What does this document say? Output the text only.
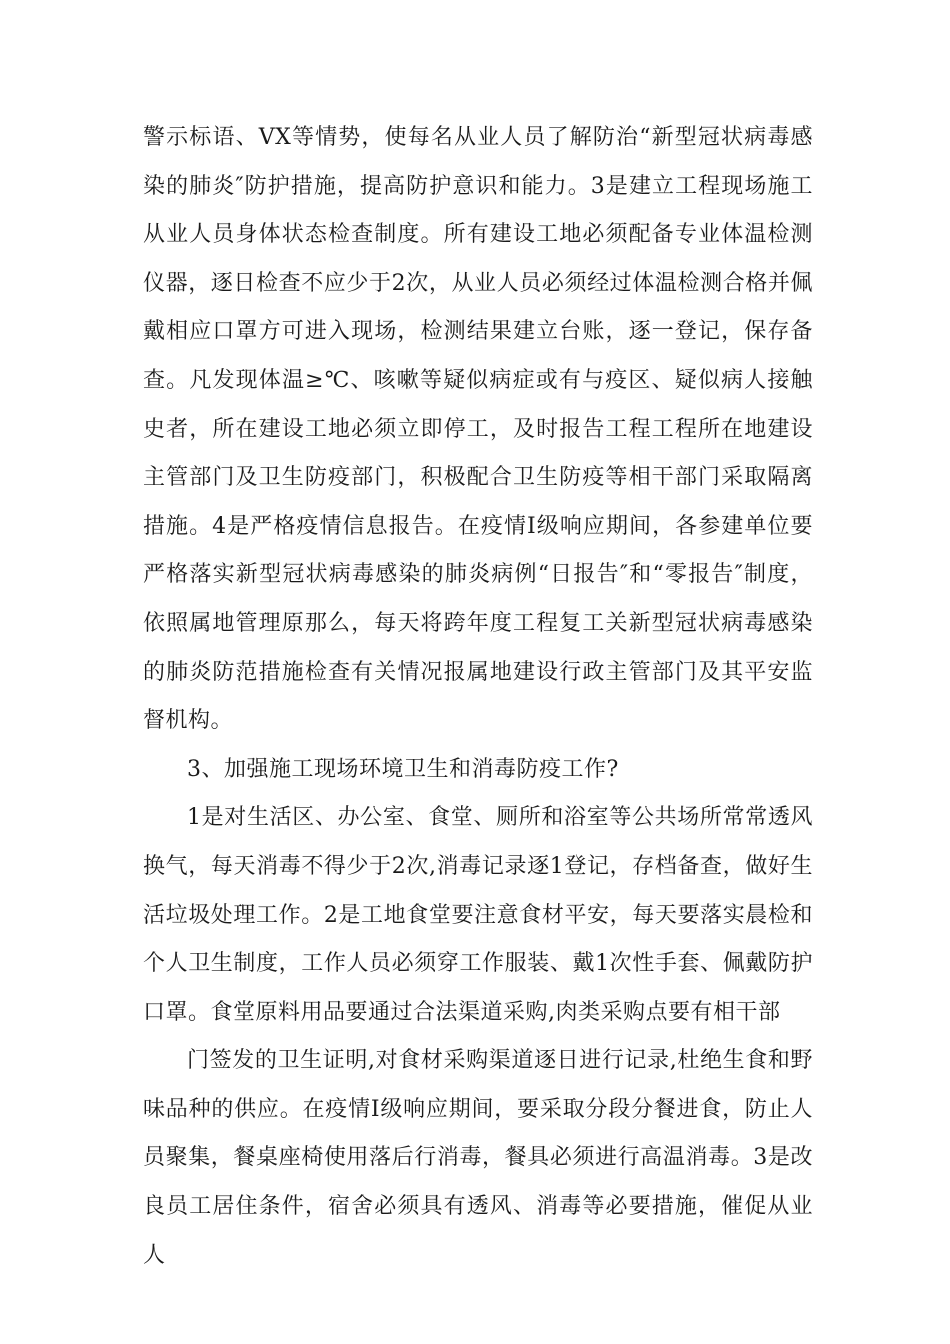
警示标语、VX等情势，使每名从业人员了解防治“新型冠状病毒感染的肺炎″防护措施，提高防护意识和能力。3是建立工程现场施工从业人员身体状态检查制度。所有建设工地必须配备专业体温检测仪器，逐日检查不应少于2次，从业人员必须经过体温检测合格并佩戴相应口罩方可进入现场，检测结果建立台账，逐一登记，保存备查。凡发现体温≥℃、咳嗽等疑似病症或有与疫区、疑似病人接触史者，所在建设工地必须立即停工，及时报告工程工程所在地建设主管部门及卫生防疫部门，积极配合卫生防疫等相干部门采取隔离措施。4是严格疫情信息报告。在疫情Ⅰ级响应期间，各参建单位要严格落实新型冠状病毒感染的肺炎病例“日报告″和“零报告″制度，依照属地管理原那么，每天将跨年度工程复工关新型冠状病毒感染的肺炎防范措施检查有关情况报属地建设行政主管部门及其平安监督机构。

3、加强施工现场环境卫生和消毒防疫工作?

1是对生活区、办公室、食堂、厕所和浴室等公共场所常常透风换气，每天消毒不得少于2次,消毒记录逐1登记，存档备查，做好生活垃圾处理工作。2是工地食堂要注意食材平安，每天要落实晨检和个人卫生制度，工作人员必须穿工作服装、戴1次性手套、佩戴防护口罩。食堂原料用品要通过合法渠道采购,肉类采购点要有相干部

门签发的卫生证明,对食材采购渠道逐日进行记录,杜绝生食和野味品种的供应。在疫情Ⅰ级响应期间，要采取分段分餐进食，防止人员聚集，餐桌座椅使用落后行消毒，餐具必须进行高温消毒。3是改良员工居住条件，宿舍必须具有透风、消毒等必要措施，催促从业人
